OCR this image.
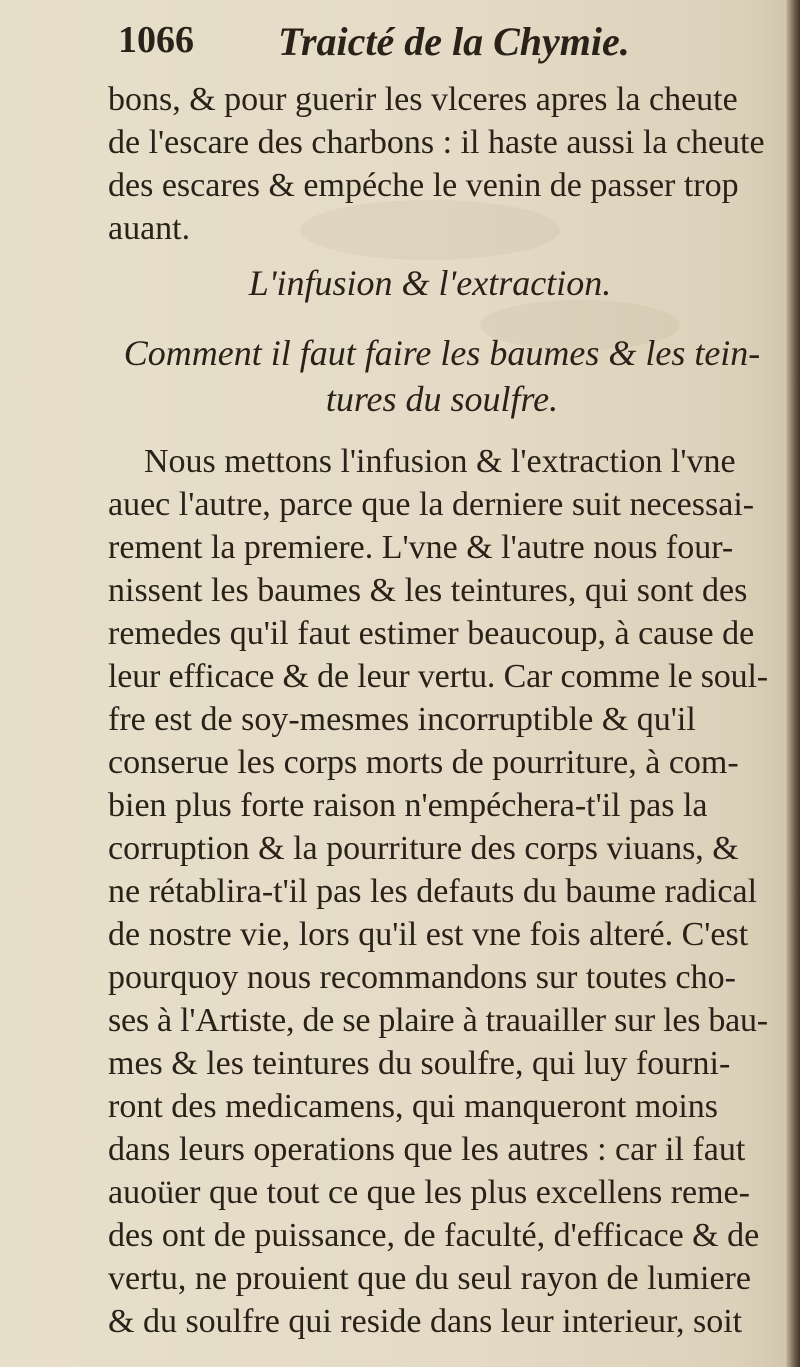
1066 Traicté de la Chymie.

bons, & pour guerir les vlceres apres la cheute

de l'escare des charbons : il haste aussi la cheute

des escares & empéche le venin de passer trop

auant.

L'infusion & l'extraction.

Comment il faut faire les baumes & les tein-

tures du soulfre.

Nous mettons l'infusion & l'extraction l'vne

auec l'autre, parce que la derniere suit necessai-

rement la premiere. L'vne & l'autre nous four-

nissent les baumes & les teintures, qui sont des

remedes qu'il faut estimer beaucoup, à cause de

leur efficace & de leur vertu. Car comme le soul-

fre est de soy-mesmes incorruptible & qu'il

conserue les corps morts de pourriture, à com-

bien plus forte raison n'empéchera-t'il pas la

corruption & la pourriture des corps viuans, &

ne rétablira-t'il pas les defauts du baume radical

de nostre vie, lors qu'il est vne fois alteré. C'est

pourquoy nous recommandons sur toutes cho-

ses à l'Artiste, de se plaire à trauailler sur les bau-

mes & les teintures du soulfre, qui luy fourni-

ront des medicamens, qui manqueront moins

dans leurs operations que les autres : car il faut

auoüer que tout ce que les plus excellens reme-

des ont de puissance, de faculté, d'efficace & de

vertu, ne prouient que du seul rayon de lumiere

& du soulfre qui reside dans leur interieur, soit
